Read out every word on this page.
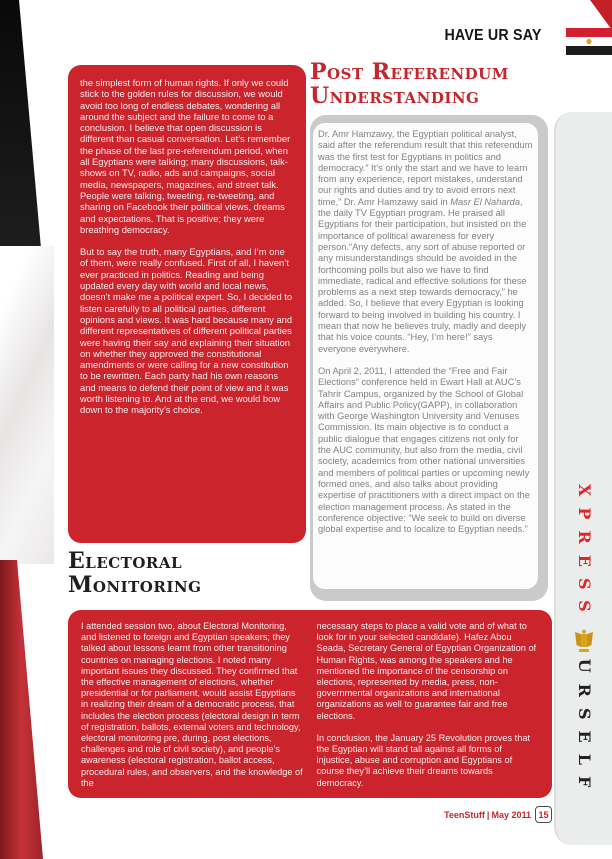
HAVE UR SAY
XPRESSURSELF
Post Referendum
Understanding

the simplest form of human rights. If only we could stick to the golden rules for discussion, we would avoid too long of endless debates, wondering all around the subject and the failure to come to a conclusion. I believe that open discussion is different than casual conversation. Let’s remember the phase of the last pre-referendum period, when all Egyptians were talking; many discussions, talk-shows on TV, radio, ads and campaigns, social media, newspapers, magazines, and street talk. People were talking, tweeting, re-tweeting, and sharing on Facebook their political views, dreams and expectations. That is positive; they were breathing democracy.

But to say the truth, many Egyptians, and I’m one of them, were really confused. First of all, I haven’t ever practiced in politics. Reading and being updated every day with world and local news, doesn’t make me a political expert. So, I decided to listen carefully to all political parties, different opinions and views. It was hard because many and different representatives of different political parties were having their say and explaining their situation on whether they approved the constitutional amendments or were calling for a new constitution to be rewritten. Each party had his own reasons and means to defend their point of view and it was worth listening to. And at the end, we would bow down to the majority’s choice.

Dr. Amr Hamzawy, the Egyptian political analyst, said after the referendum result that this referendum was the first test for Egyptians in politics and democracy.” It’s only the start and we have to learn from any experience, report mistakes, understand our rights and duties and try to avoid errors next time,” Dr. Amr Hamzawy said in Masr El Naharda, the daily TV Egyptian program. He praised all Egyptians for their participation, but insisted on the importance of political awareness for every person.“Any defects, any sort of abuse reported or any misunderstandings should be avoided in the forthcoming polls but also we have to find immediate, radical and effective solutions for these problems as a next step towards democracy,” he added. So, I believe that every Egyptian is looking forward to being involved in building his country. I mean that now he believes truly, madly and deeply that his voice counts. “Hey, I’m here!” says everyone everywhere.

On April 2, 2011, I attended the “Free and Fair Elections” conference held in Ewart Hall at AUC’s Tahrir Campus, organized by the School of Global Affairs and Public Policy(GAPP), in collaboration with George Washington University and Venuses Commission. Its main objective is to conduct a public dialogue that engages citizens not only for the AUC community, but also from the media, civil society, academics from other national universities and members of political parties or upcoming newly formed ones, and also talks about providing expertise of practitioners with a direct impact on the election management process. As stated in the conference objective: “We seek to build on diverse global expertise and to localize to Egyptian needs.”

Electoral
Monitoring

I attended session two, about Electoral Monitoring, and listened to foreign and Egyptian speakers; they talked about lessons learnt from other transitioning countries on managing elections. I noted many important issues they discussed. They confirmed that the effective management of elections, whether presidential or for parliament, would assist Egyptians in realizing their dream of a democratic process, that includes the election process (electoral design in term of registration, ballots, external voters and technology, electoral monitoring pre, during, post elections, challenges and role of civil society), and people’s awareness (electoral registration, ballot access, procedural rules, and observers, and the knowledge of the

necessary steps to place a valid vote and of what to look for in your selected candidate). Hafez Abou Seada, Secretary General of Egyptian Organization of Human Rights, was among the speakers and he mentioned the importance of the censorship on elections, represented by media, press, non-governmental organizations and international organizations as well to guarantee fair and free elections.

In conclusion, the January 25 Revolution proves that the Egyptian will stand tall against all forms of injustice, abuse and corruption and Egyptians of course they’ll achieve their dreams towards democracy.

TeenStuff | May 2011 15
